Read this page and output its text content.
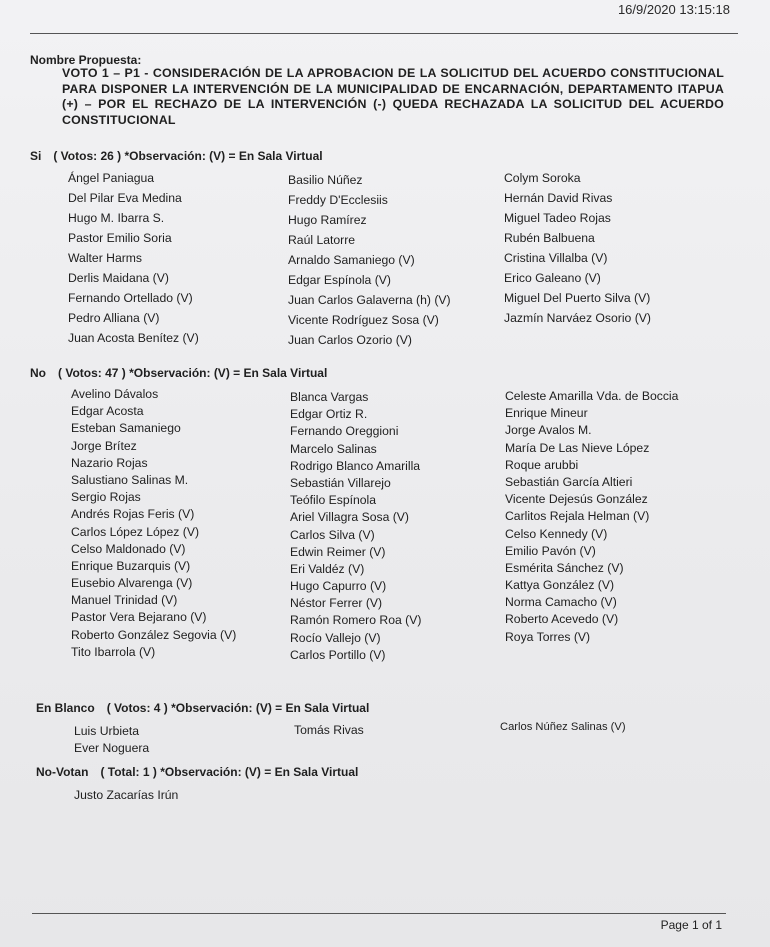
16/9/2020 13:15:18
Nombre Propuesta:
VOTO 1 – P1 - CONSIDERACIÓN DE LA APROBACION DE LA SOLICITUD DEL ACUERDO CONSTITUCIONAL PARA DISPONER LA INTERVENCIÓN DE LA MUNICIPALIDAD DE ENCARNACIÓN, DEPARTAMENTO ITAPUA (+) – POR EL RECHAZO DE LA INTERVENCIÓN (-) QUEDA RECHAZADA LA SOLICITUD DEL ACUERDO CONSTITUCIONAL
Si ( Votos: 26 ) *Observación: (V) = En Sala Virtual
Ángel Paniagua
Del Pilar Eva Medina
Hugo M. Ibarra S.
Pastor Emilio Soria
Walter Harms
Derlis Maidana (V)
Fernando Ortellado (V)
Pedro Alliana (V)
Juan Acosta Benítez (V)
Basilio Núñez
Freddy D'Ecclesiis
Hugo Ramírez
Raúl Latorre
Arnaldo Samaniego (V)
Edgar Espínola (V)
Juan Carlos Galaverna (h) (V)
Vicente Rodríguez Sosa (V)
Juan Carlos Ozorio (V)
Colym Soroka
Hernán David Rivas
Miguel Tadeo Rojas
Rubén Balbuena
Cristina Villalba (V)
Erico Galeano (V)
Miguel Del Puerto Silva (V)
Jazmín Narváez Osorio (V)
No ( Votos: 47 ) *Observación: (V) = En Sala Virtual
Avelino Dávalos
Edgar Acosta
Esteban Samaniego
Jorge Brítez
Nazario Rojas
Salustiano Salinas M.
Sergio Rojas
Andrés Rojas Feris (V)
Carlos López López (V)
Celso Maldonado (V)
Enrique Buzarquis (V)
Eusebio Alvarenga (V)
Manuel Trinidad (V)
Pastor Vera Bejarano (V)
Roberto González Segovia (V)
Tito Ibarrola (V)
Blanca Vargas
Edgar Ortiz R.
Fernando Oreggioni
Marcelo Salinas
Rodrigo Blanco Amarilla
Sebastián Villarejo
Teófilo Espínola
Ariel Villagra Sosa (V)
Carlos Silva (V)
Edwin Reimer (V)
Eri Valdéz (V)
Hugo Capurro (V)
Néstor Ferrer (V)
Ramón Romero Roa (V)
Rocío Vallejo (V)
Carlos Portillo (V)
Celeste Amarilla Vda. de Boccia
Enrique Mineur
Jorge Avalos M.
María De Las Nieve López
Roque arubbi
Sebastián García Altieri
Vicente Dejesús González
Carlitos Rejala Helman (V)
Celso Kennedy (V)
Emilio Pavón (V)
Esmérita Sánchez (V)
Kattya González (V)
Norma Camacho (V)
Roberto Acevedo (V)
Roya Torres (V)
En Blanco ( Votos: 4 ) *Observación: (V) = En Sala Virtual
Luis Urbieta
Ever Noguera
Tomás Rivas	Carlos Núñez Salinas (V)
No-Votan ( Total: 1 ) *Observación: (V) = En Sala Virtual
Justo Zacarías Irún
Page 1 of 1
